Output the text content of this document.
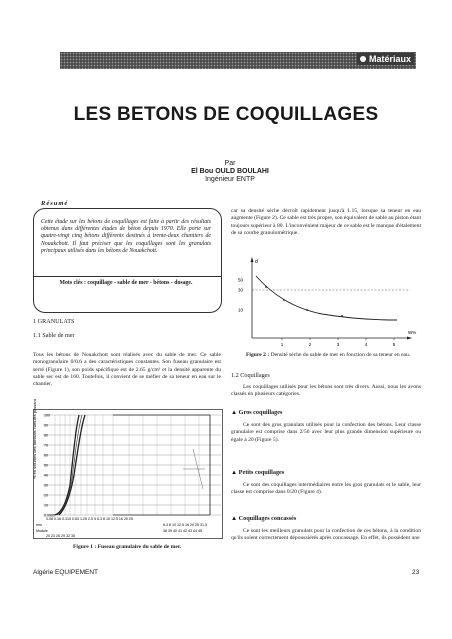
Matériaux
LES BETONS DE COQUILLAGES
Par
El Bou OULD BOULAHI
Ingénieur ENTP
Résumé
Cette étude sur les bétons de coquillages est faite à partir des résultats obtenus dans différentes études de béton depuis 1970. Elle porte sur quatre-vingt cinq bétons différents destinés à trente-deux chantiers de Nouakchott. Il faut préciser que les coquillages sont les granulats principaux utilisés dans les bétons de Nouakchott.
Mots clés : coquillage - sable de mer - bétons - dosage.
1 GRANULATS
1.1 Sable de mer
Tous les bétons de Nouakchott sont réalisés avec du sable de mer. Ce sable monogranulaire 0/0.6 a des caractéristiques constantes. Son fuseau granulaire est serré (Figure 1), son poids spécifique est de 2.65 g/cm³ et la densité apparente du sable sec est de 160. Toutefois, il convient de se méfier de sa teneur en eau sur le chantier,
100
90
80
70
60
50
40
30
20
10
0.0065
% en volumes des tamisats cumulés passant
0.08 0.16 0.315 0.63 1.25 2.5 5 6.3 8 10 12.5 16 20 25
6.3 8 10 12.5 16 20 25 31.5
mm
Module
20 23 26 29 32 35
38 39 40 41 42 43 44 45
Figure 1 : Fuseau granulaire du sable de mer.
car sa densité sèche décroît rapidement jusqu'à 1.15, lorsque sa teneur en eau augmente (Figure 2). Ce sable est très propre, son équivalent de sable au piston étant toujours supérieur à 80. L'inconvénient majeur de ce sable est le manque d'étalement de sa courbe granulométrique.
d
W%
50
30
10
1	2	3	4	5
Figure 2 : Densité sèche du sable de mer en fonction de sa teneur en eau.
1.2 Coquillages
Les coquillages utilisés pour les bétons sont très divers. Aussi, nous les avons classés en plusieurs catégories.
▲ Gros coquillages
Ce sont des gros granulats utilisés pour la confection des bétons. Leur classe granulaire est comprise dans 2/50 avec leur plus grande dimension supérieure ou égale à 20 (Figure 5).
▲ Petits coquillages
Ce sont des coquillages intermédiaires entre les gros granulats et le sable, leur classe est comprise dans 0/20 (Figure 4).
▲ Coquillages concassés
Ce sont les meilleurs granulats pour la confection de ces bétons, à la condition qu'ils soient correctement dépoussiérés après concassage. En effet, ils possèdent une
Algérie EQUIPEMENT	23
